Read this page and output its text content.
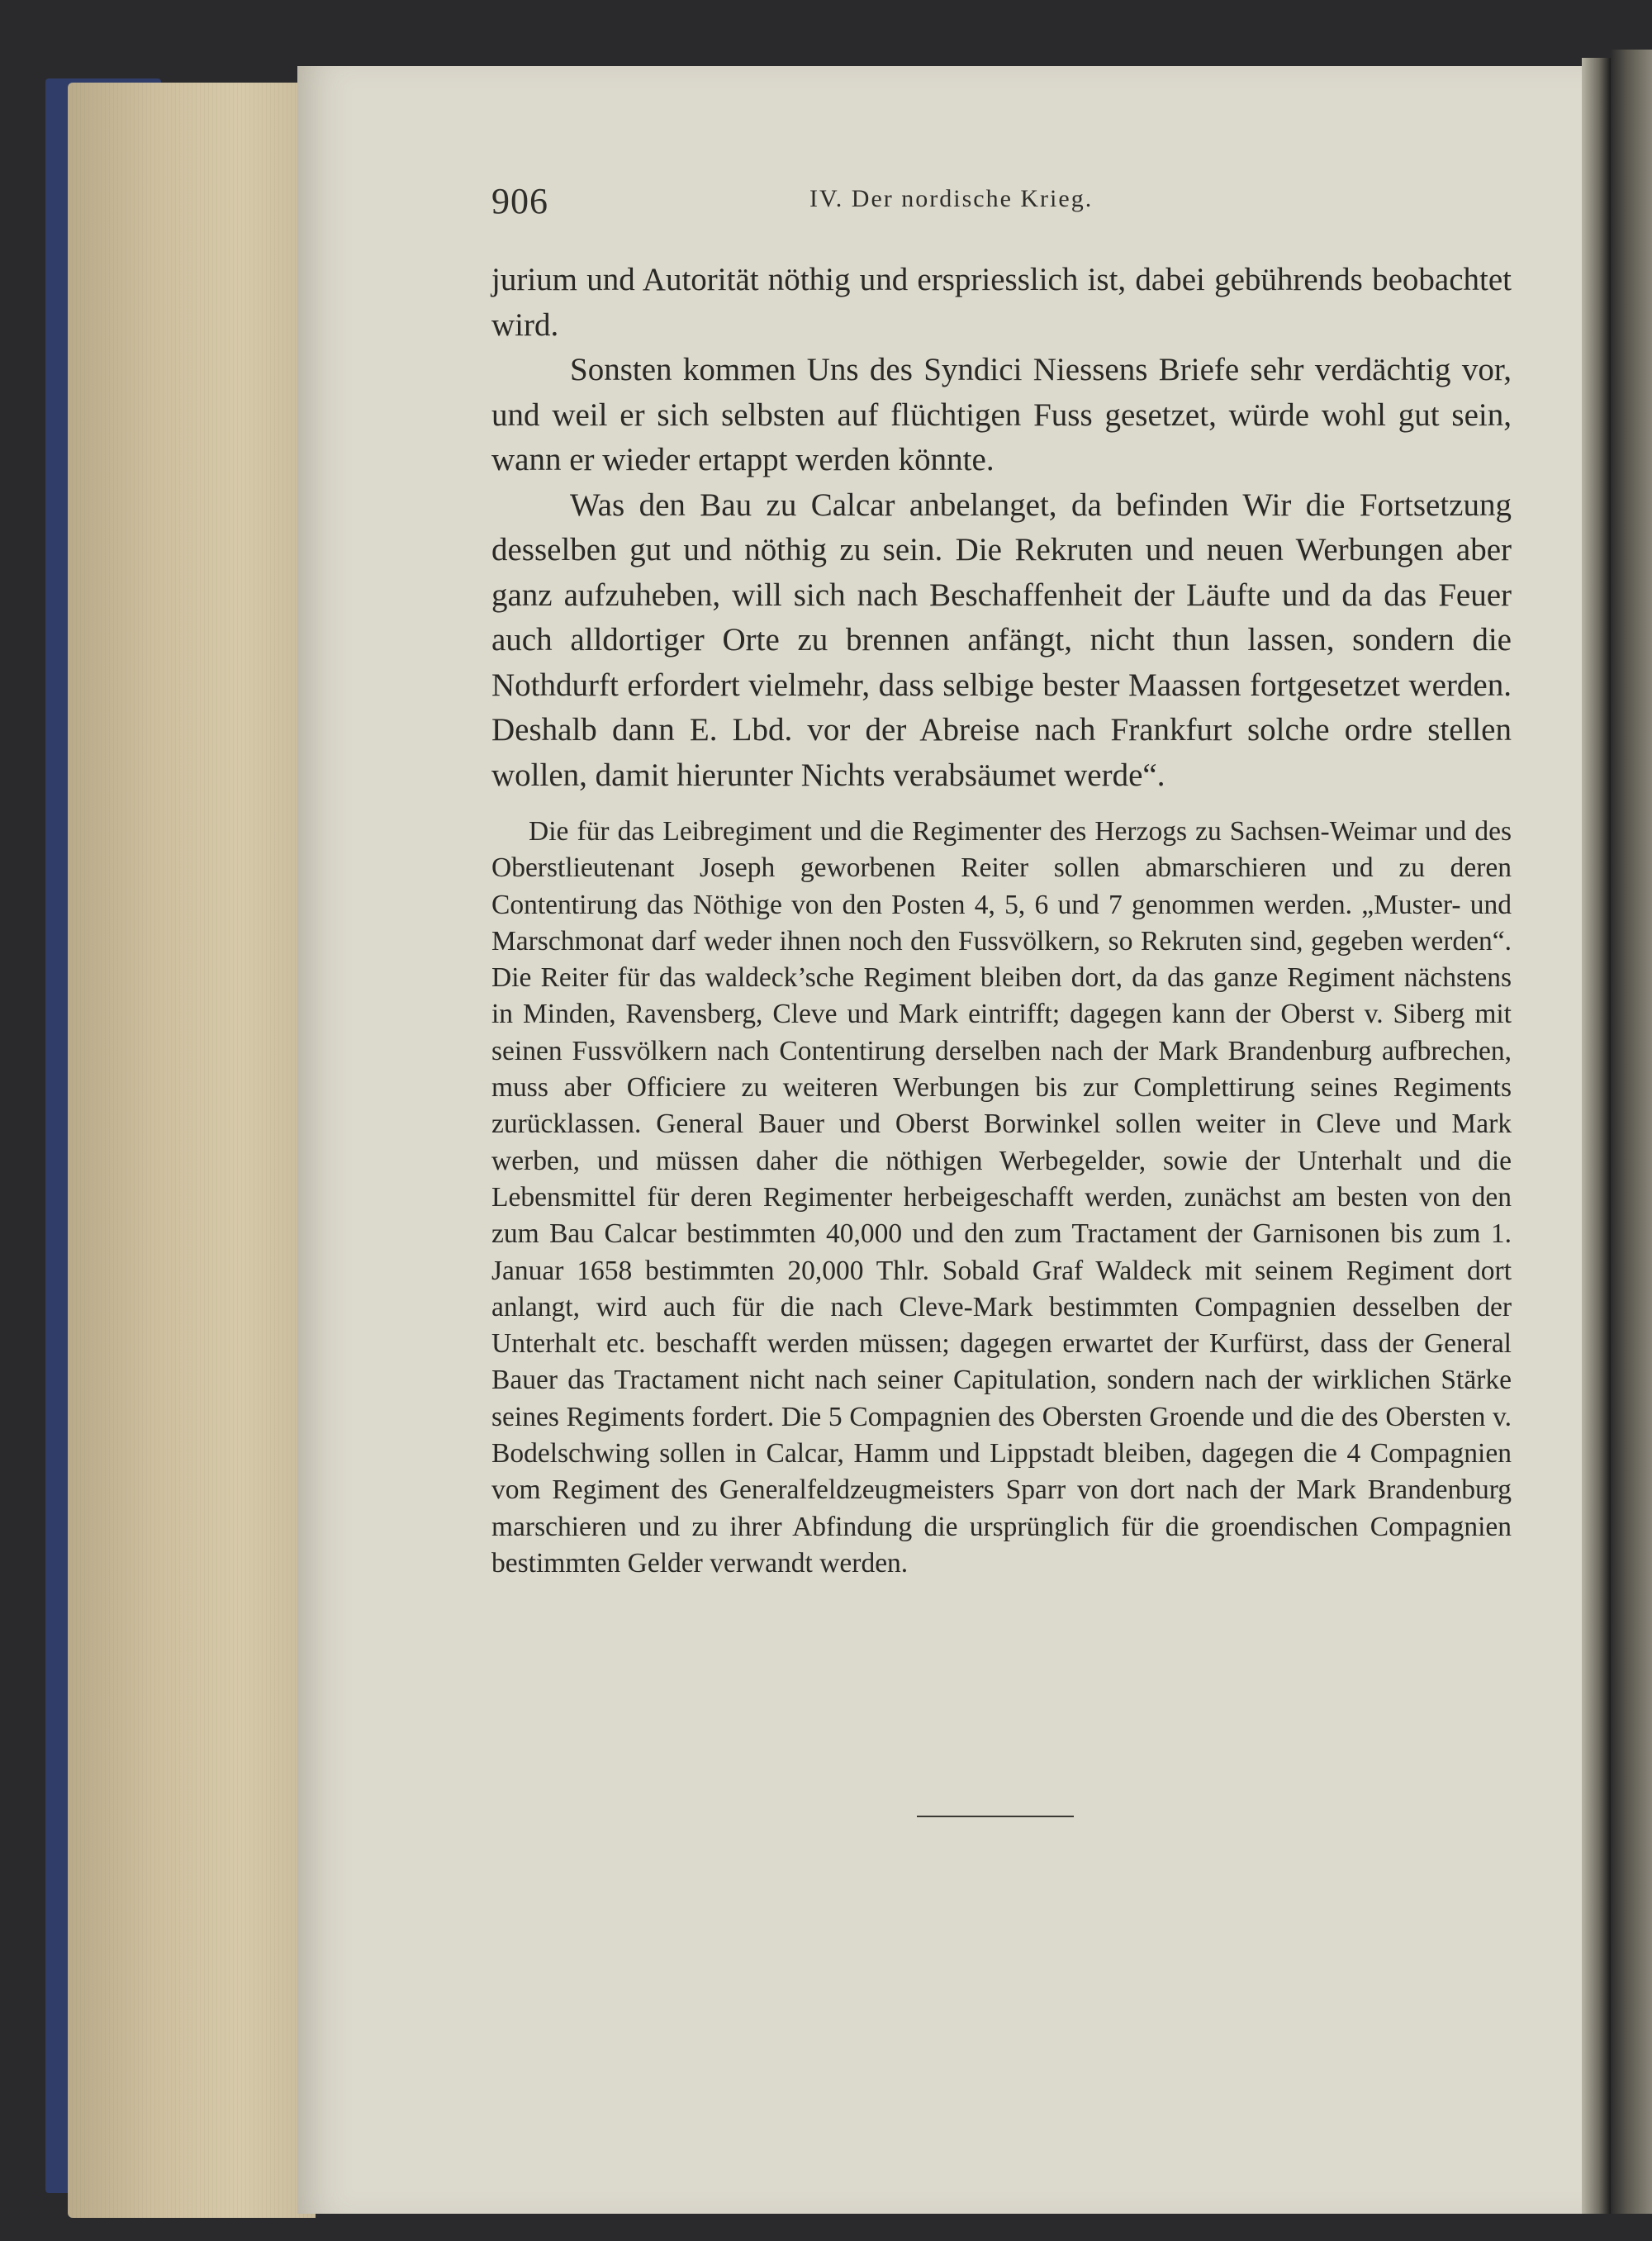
906	IV. Der nordische Krieg.

jurium und Autorität nöthig und erspriesslich ist, dabei gebührends beobachtet wird.

Sonsten kommen Uns des Syndici Niessens Briefe sehr verdächtig vor, und weil er sich selbsten auf flüchtigen Fuss gesetzet, würde wohl gut sein, wann er wieder ertappt werden könnte.

Was den Bau zu Calcar anbelanget, da befinden Wir die Fortsetzung desselben gut und nöthig zu sein. Die Rekruten und neuen Werbungen aber ganz aufzuheben, will sich nach Beschaffenheit der Läufte und da das Feuer auch alldortiger Orte zu brennen anfängt, nicht thun lassen, sondern die Nothdurft erfordert vielmehr, dass selbige bester Maassen fortgesetzet werden. Deshalb dann E. Lbd. vor der Abreise nach Frankfurt solche ordre stellen wollen, damit hierunter Nichts verabsäumet werde“.

Die für das Leibregiment und die Regimenter des Herzogs zu Sachsen-Weimar und des Oberstlieutenant Joseph geworbenen Reiter sollen abmarschieren und zu deren Contentirung das Nöthige von den Posten 4, 5, 6 und 7 genommen werden. „Muster- und Marschmonat darf weder ihnen noch den Fussvölkern, so Rekruten sind, gegeben werden“. Die Reiter für das waldeck’sche Regiment bleiben dort, da das ganze Regiment nächstens in Minden, Ravensberg, Cleve und Mark eintrifft; dagegen kann der Oberst v. Siberg mit seinen Fussvölkern nach Contentirung derselben nach der Mark Brandenburg aufbrechen, muss aber Officiere zu weiteren Werbungen bis zur Complettirung seines Regiments zurücklassen. General Bauer und Oberst Borwinkel sollen weiter in Cleve und Mark werben, und müssen daher die nöthigen Werbegelder, sowie der Unterhalt und die Lebensmittel für deren Regimenter herbeigeschafft werden, zunächst am besten von den zum Bau Calcar bestimmten 40,000 und den zum Tractament der Garnisonen bis zum 1. Januar 1658 bestimmten 20,000 Thlr. Sobald Graf Waldeck mit seinem Regiment dort anlangt, wird auch für die nach Cleve-Mark bestimmten Compagnien desselben der Unterhalt etc. beschafft werden müssen; dagegen erwartet der Kurfürst, dass der General Bauer das Tractament nicht nach seiner Capitulation, sondern nach der wirklichen Stärke seines Regiments fordert. Die 5 Compagnien des Obersten Groende und die des Obersten v. Bodelschwing sollen in Calcar, Hamm und Lippstadt bleiben, dagegen die 4 Compagnien vom Regiment des Generalfeldzeugmeisters Sparr von dort nach der Mark Brandenburg marschieren und zu ihrer Abfindung die ursprünglich für die groendischen Compagnien bestimmten Gelder verwandt werden.
